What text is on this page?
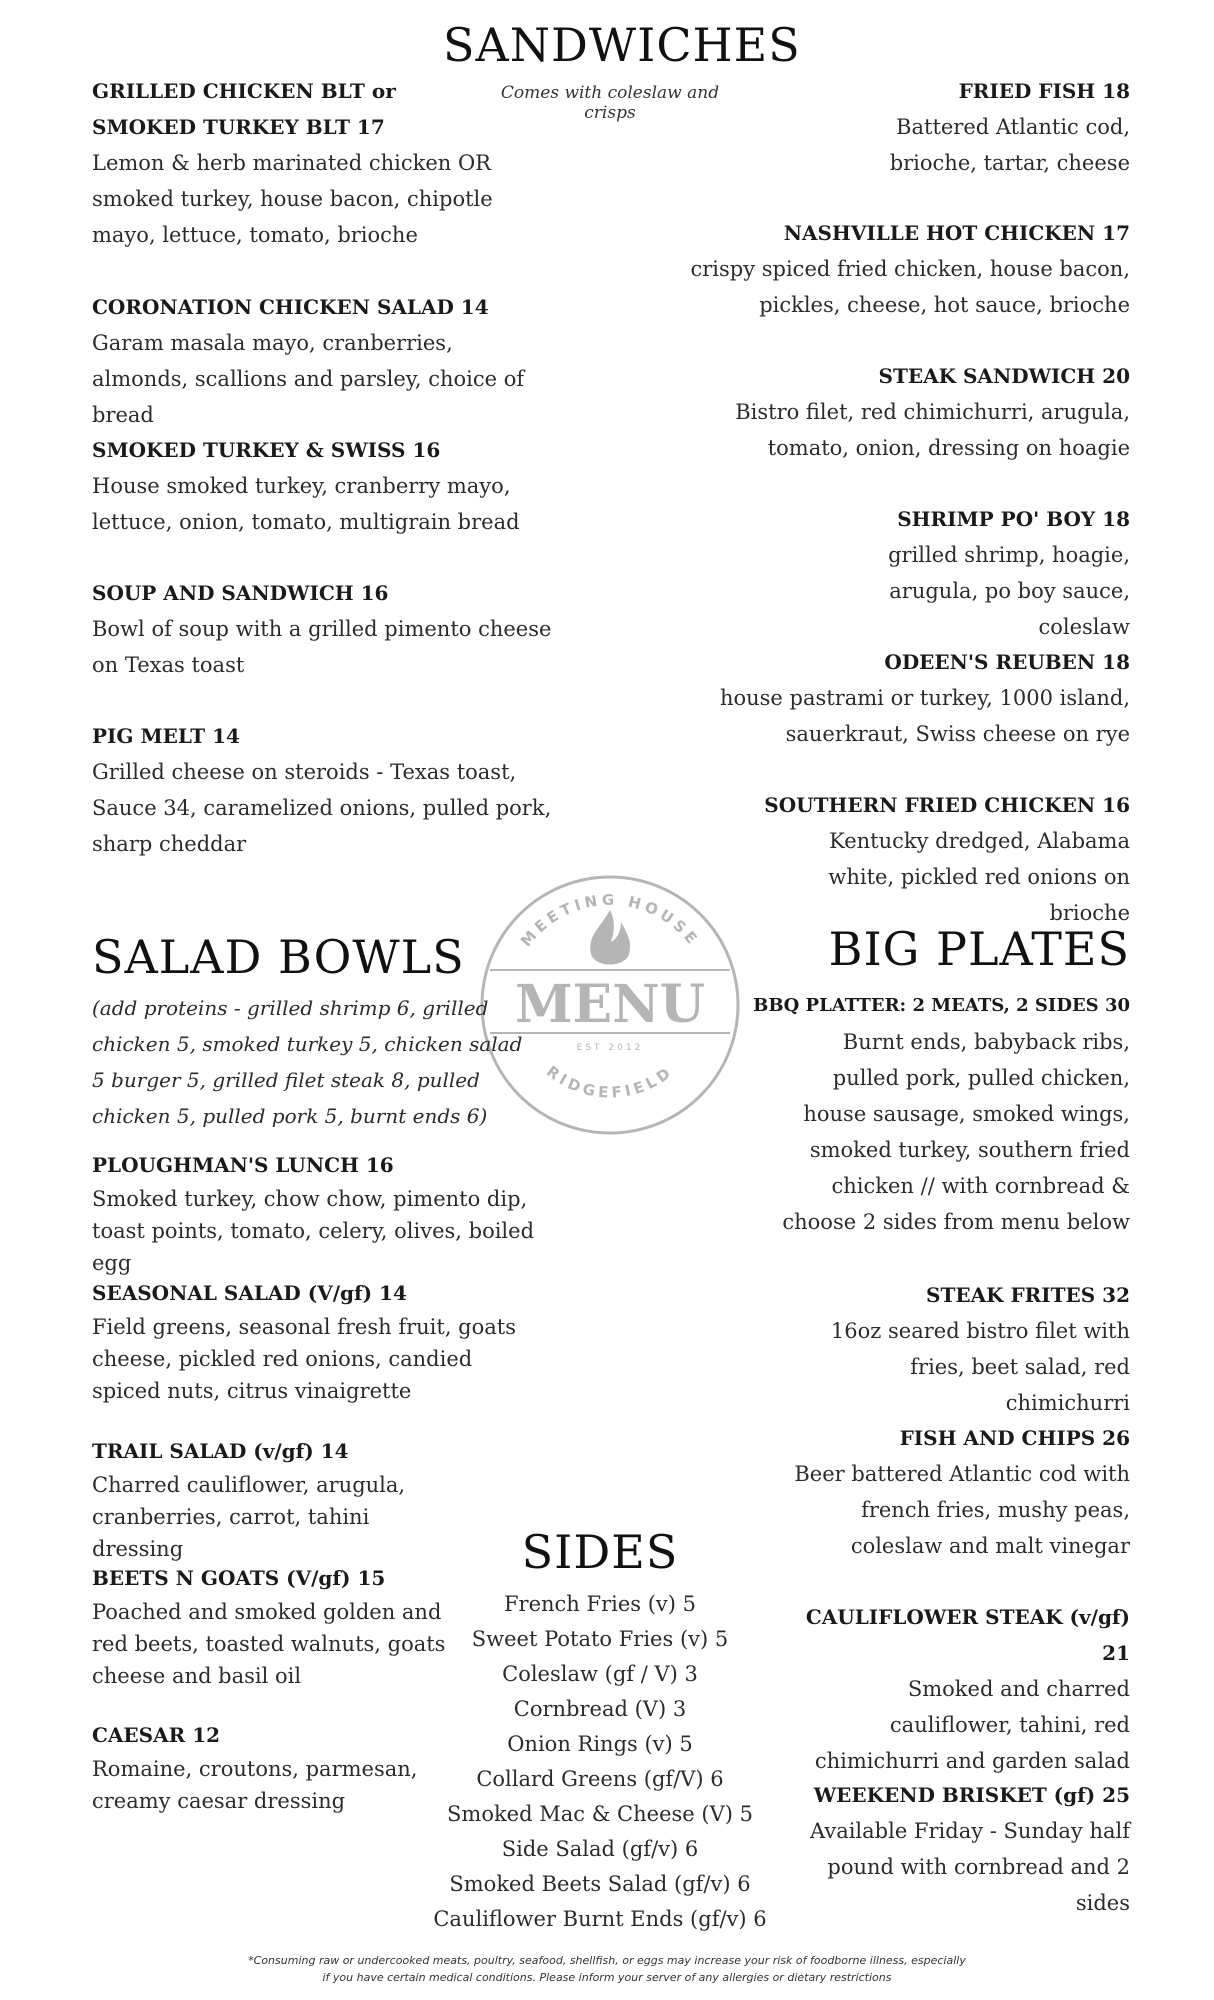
SANDWICHES
Comes with coleslaw and crisps
GRILLED CHICKEN BLT or SMOKED TURKEY BLT 17
Lemon & herb marinated chicken OR smoked turkey, house bacon, chipotle mayo, lettuce, tomato, brioche
CORONATION CHICKEN SALAD 14
Garam masala mayo, cranberries, almonds, scallions and parsley, choice of bread
SMOKED TURKEY & SWISS 16
House smoked turkey, cranberry mayo, lettuce, onion, tomato, multigrain bread
SOUP AND SANDWICH 16
Bowl of soup with a grilled pimento cheese on Texas toast
PIG MELT 14
Grilled cheese on steroids - Texas toast, Sauce 34, caramelized onions, pulled pork, sharp cheddar
FRIED FISH 18
Battered Atlantic cod, brioche, tartar, cheese
NASHVILLE HOT CHICKEN 17
crispy spiced fried chicken, house bacon, pickles, cheese, hot sauce, brioche
STEAK SANDWICH 20
Bistro filet, red chimichurri, arugula, tomato, onion, dressing on hoagie
SHRIMP PO' BOY 18
grilled shrimp, hoagie, arugula, po boy sauce, coleslaw
ODEEN'S REUBEN 18
house pastrami or turkey, 1000 island, sauerkraut, Swiss cheese on rye
SOUTHERN FRIED CHICKEN 16
Kentucky dredged, Alabama white, pickled red onions on brioche
MEETING HOUSE
RIDGEFIELD
MENU
EST 2012
SALAD BOWLS
(add proteins - grilled shrimp 6, grilled chicken 5, smoked turkey 5, chicken salad 5 burger 5, grilled filet steak 8, pulled chicken 5, pulled pork 5, burnt ends 6)
PLOUGHMAN'S LUNCH 16
Smoked turkey, chow chow, pimento dip, toast points, tomato, celery, olives, boiled egg
SEASONAL SALAD (V/gf) 14
Field greens, seasonal fresh fruit, goats cheese, pickled red onions, candied spiced nuts, citrus vinaigrette
TRAIL SALAD (v/gf) 14
Charred cauliflower, arugula, cranberries, carrot, tahini dressing
BEETS N GOATS (V/gf) 15
Poached and smoked golden and red beets, toasted walnuts, goats cheese and basil oil
CAESAR 12
Romaine, croutons, parmesan, creamy caesar dressing
BIG PLATES
BBQ PLATTER: 2 MEATS, 2 SIDES 30
Burnt ends, babyback ribs, pulled pork, pulled chicken, house sausage, smoked wings, smoked turkey, southern fried chicken // with cornbread & choose 2 sides from menu below
STEAK FRITES 32
16oz seared bistro filet with fries, beet salad, red chimichurri
FISH AND CHIPS 26
Beer battered Atlantic cod with french fries, mushy peas, coleslaw and malt vinegar
CAULIFLOWER STEAK (v/gf) 21
Smoked and charred cauliflower, tahini, red chimichurri and garden salad
WEEKEND BRISKET (gf) 25
Available Friday - Sunday half pound with cornbread and 2 sides
SIDES
French Fries (v) 5
Sweet Potato Fries (v) 5
Coleslaw (gf / V) 3
Cornbread (V) 3
Onion Rings (v) 5
Collard Greens (gf/V) 6
Smoked Mac & Cheese (V) 5
Side Salad (gf/v) 6
Smoked Beets Salad (gf/v) 6
Cauliflower Burnt Ends (gf/v) 6
*Consuming raw or undercooked meats, poultry, seafood, shellfish, or eggs may increase your risk of foodborne illness, especially
if you have certain medical conditions. Please inform your server of any allergies or dietary restrictions
